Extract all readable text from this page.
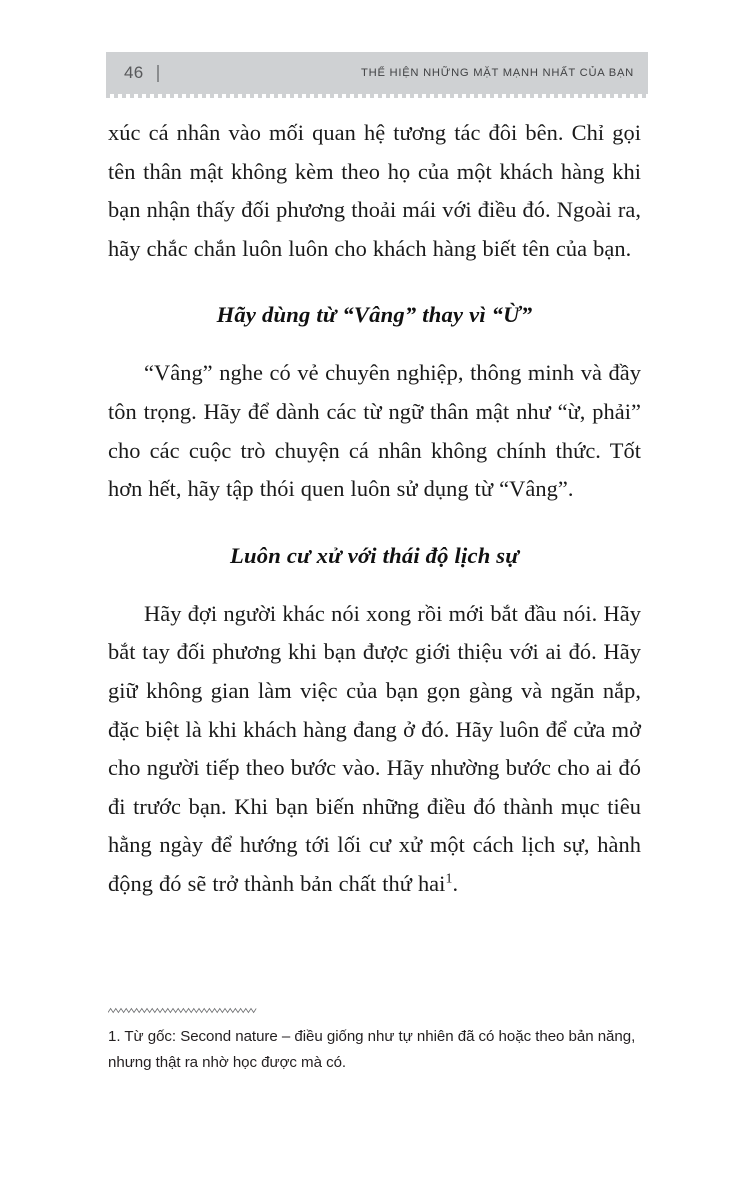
46	THỂ HIỆN NHỮNG MẶT MẠNH NHẤT CỦA BẠN

xúc cá nhân vào mối quan hệ tương tác đôi bên. Chỉ gọi tên thân mật không kèm theo họ của một khách hàng khi bạn nhận thấy đối phương thoải mái với điều đó. Ngoài ra, hãy chắc chắn luôn luôn cho khách hàng biết tên của bạn.

Hãy dùng từ “Vâng” thay vì “Ừ”

“Vâng” nghe có vẻ chuyên nghiệp, thông minh và đầy tôn trọng. Hãy để dành các từ ngữ thân mật như “ừ, phải” cho các cuộc trò chuyện cá nhân không chính thức. Tốt hơn hết, hãy tập thói quen luôn sử dụng từ “Vâng”.

Luôn cư xử với thái độ lịch sự

Hãy đợi người khác nói xong rồi mới bắt đầu nói. Hãy bắt tay đối phương khi bạn được giới thiệu với ai đó. Hãy giữ không gian làm việc của bạn gọn gàng và ngăn nắp, đặc biệt là khi khách hàng đang ở đó. Hãy luôn để cửa mở cho người tiếp theo bước vào. Hãy nhường bước cho ai đó đi trước bạn. Khi bạn biến những điều đó thành mục tiêu hằng ngày để hướng tới lối cư xử một cách lịch sự, hành động đó sẽ trở thành bản chất thứ hai$^1$.

1. Từ gốc: Second nature – điều giống như tự nhiên đã có hoặc theo bản năng, nhưng thật ra nhờ học được mà có.
